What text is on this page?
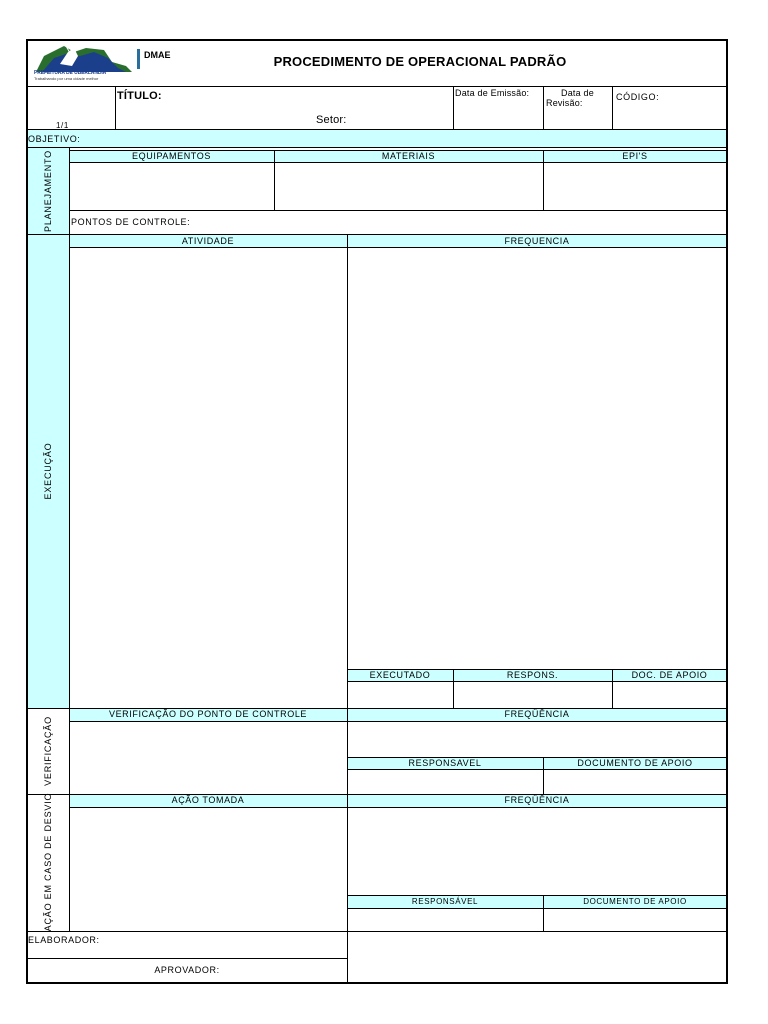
PREFEITURA DE UBERLÂNDIA
Trabalhando por uma cidade melhor
DMAE	PROCEDIMENTO DE OPERACIONAL PADRÃO
1/1
TÍTULO:
Setor:
Data de Emissão:	Data de
Revisão:
CÓDIGO:
OBJETIVO:
PLANEJAMENTO	EQUIPAMENTOS	MATERIAIS	EPI'S
PONTOS DE CONTROLE:
EXECUÇÃO
ATIVIDADE	FREQUENCIA
EXECUTADO	RESPONS.	DOC. DE APOIO
VERIFICAÇÃO
VERIFICAÇÃO DO PONTO DE CONTROLE	FREQÜÊNCIA
RESPONSAVEL	DOCUMENTO DE APOIO
AÇÃO EM CASO DE DESVIO	AÇÃO TOMADA	FREQÜÊNCIA
RESPONSÁVEL	DOCUMENTO DE APOIO
ELABORADOR:
APROVADOR:
